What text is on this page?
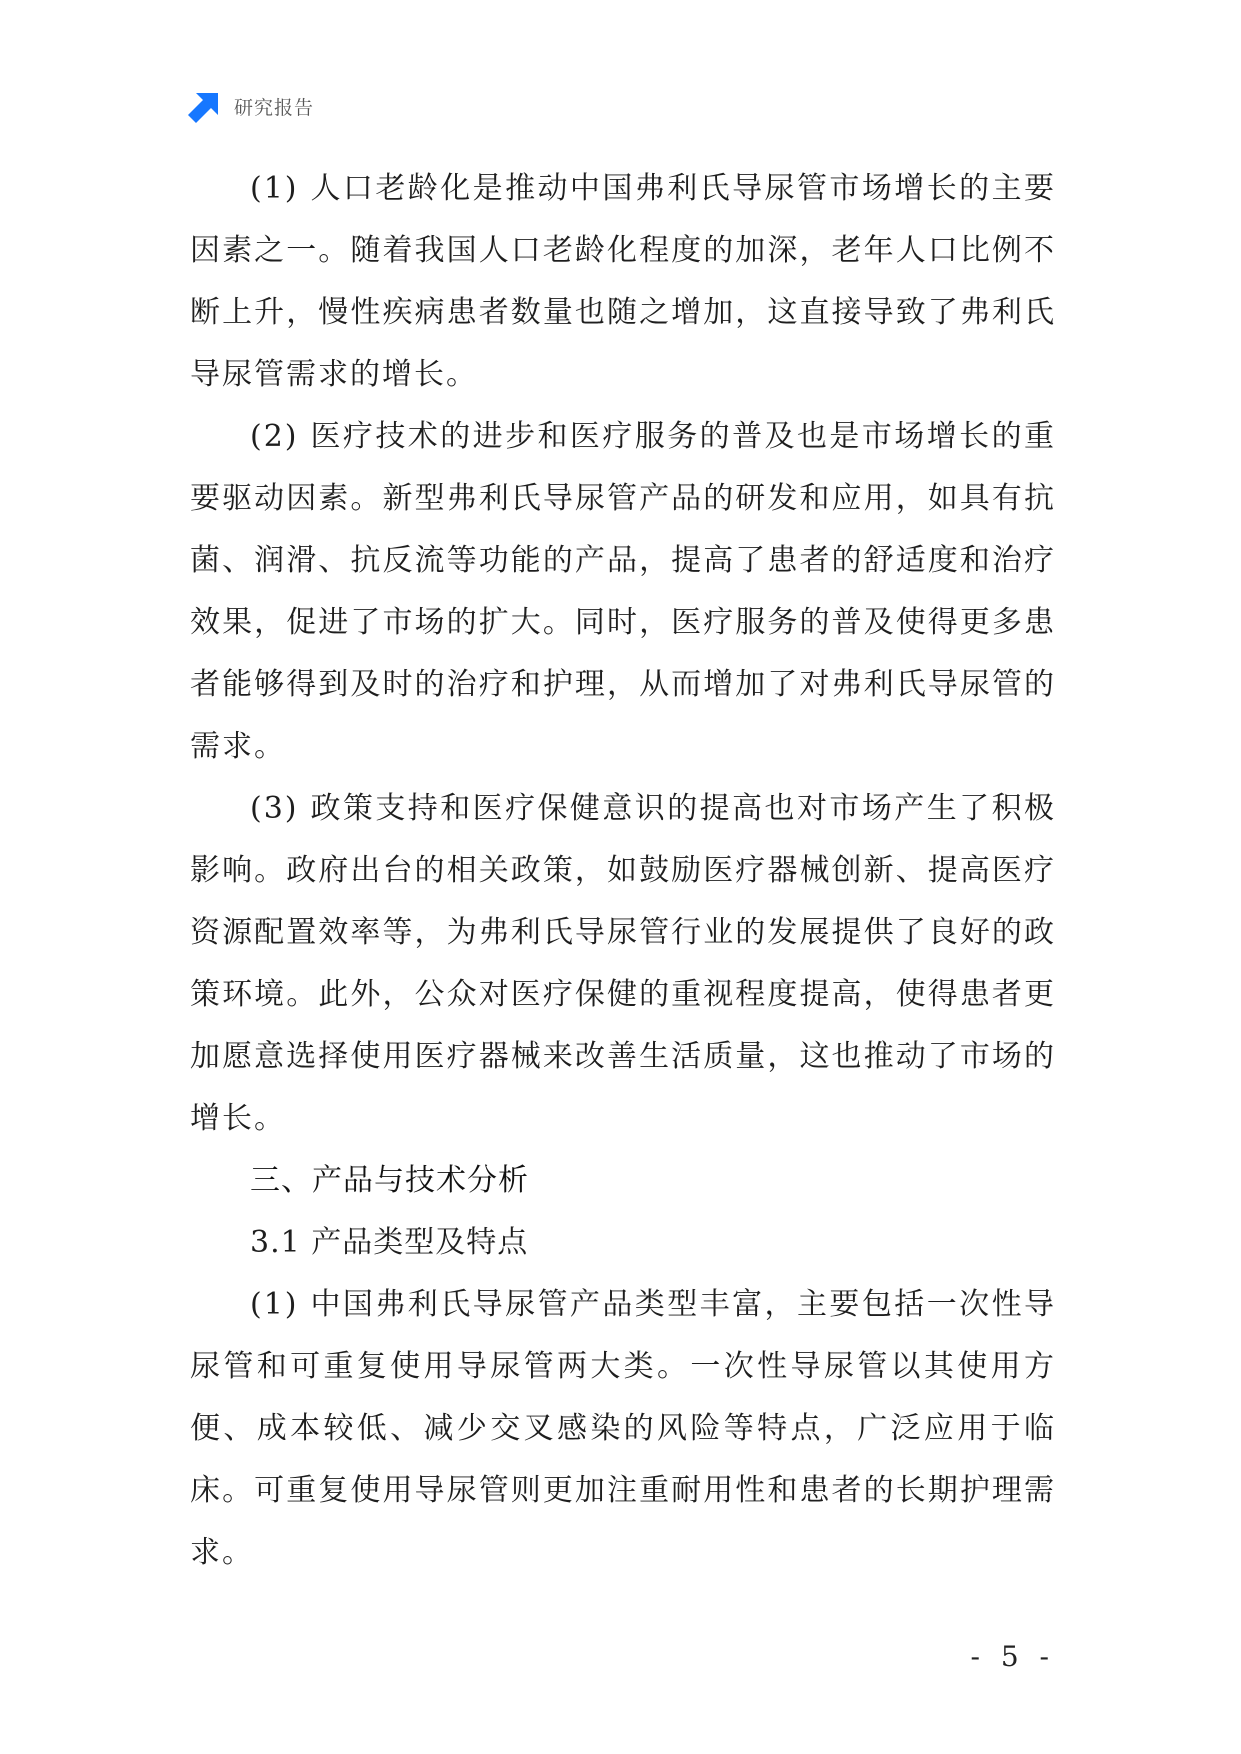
研究报告

(1) 人口老龄化是推动中国弗利氏导尿管市场增长的主要因素之一。随着我国人口老龄化程度的加深，老年人口比例不断上升，慢性疾病患者数量也随之增加，这直接导致了弗利氏导尿管需求的增长。

(2) 医疗技术的进步和医疗服务的普及也是市场增长的重要驱动因素。新型弗利氏导尿管产品的研发和应用，如具有抗菌、润滑、抗反流等功能的产品，提高了患者的舒适度和治疗效果，促进了市场的扩大。同时，医疗服务的普及使得更多患者能够得到及时的治疗和护理，从而增加了对弗利氏导尿管的需求。

(3) 政策支持和医疗保健意识的提高也对市场产生了积极影响。政府出台的相关政策，如鼓励医疗器械创新、提高医疗资源配置效率等，为弗利氏导尿管行业的发展提供了良好的政策环境。此外，公众对医疗保健的重视程度提高，使得患者更加愿意选择使用医疗器械来改善生活质量，这也推动了市场的增长。

三、产品与技术分析

3.1 产品类型及特点

(1) 中国弗利氏导尿管产品类型丰富，主要包括一次性导尿管和可重复使用导尿管两大类。一次性导尿管以其使用方便、成本较低、减少交叉感染的风险等特点，广泛应用于临床。可重复使用导尿管则更加注重耐用性和患者的长期护理需求。

- 5 -
